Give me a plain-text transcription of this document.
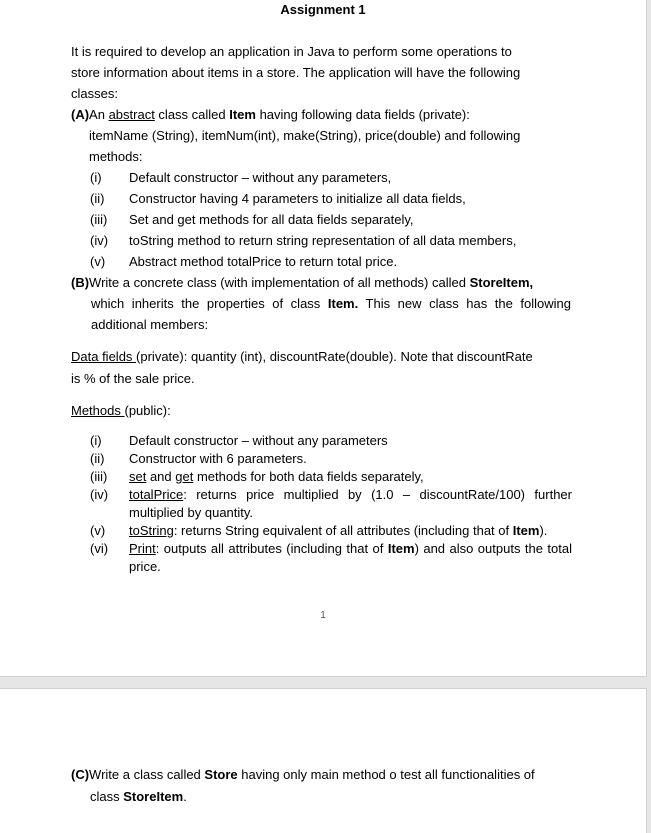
Assignment 1
It is required to develop an application in Java to perform some operations to
store information about items in a store. The application will have the following
classes:
(A)An abstract class called Item having following data fields (private):
itemName (String), itemNum(int), make(String), price(double) and following
methods:
(i) Default constructor – without any parameters,
(ii) Constructor having 4 parameters to initialize all data fields,
(iii) Set and get methods for all data fields separately,
(iv) toString method to return string representation of all data members,
(v) Abstract method totalPrice to return total price.
(B)Write a concrete class (with implementation of all methods) called StoreItem,
which inherits the properties of class Item. This new class has the following
additional members:
Data fields (private): quantity (int), discountRate(double). Note that discountRate
is % of the sale price.
Methods (public):
(i) Default constructor – without any parameters
(ii) Constructor with 6 parameters.
(iii) set and get methods for both data fields separately,
(iv) totalPrice: returns price multiplied by (1.0 – discountRate/100) further multiplied by quantity.
(v) toString: returns String equivalent of all attributes (including that of Item).
(vi) Print: outputs all attributes (including that of Item) and also outputs the total price.
1
(C)Write a class called Store having only main method o test all functionalities of
class StoreItem.
